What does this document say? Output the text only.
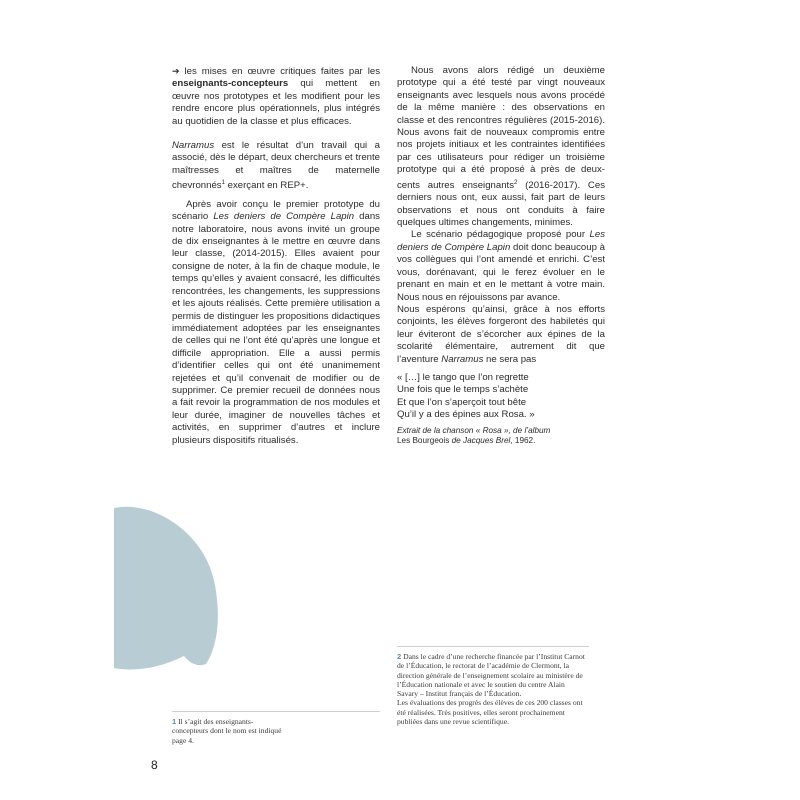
➔ les mises en œuvre critiques faites par les enseignants-concepteurs qui mettent en œuvre nos prototypes et les modifient pour les rendre encore plus opérationnels, plus intégrés au quotidien de la classe et plus efficaces.

Narramus est le résultat d’un travail qui a associé, dès le départ, deux chercheurs et trente maîtresses et maîtres de maternelle chevronnés$^1$ exerçant en REP+.

Après avoir conçu le premier prototype du scénario Les deniers de Compère Lapin dans notre laboratoire, nous avons invité un groupe de dix enseignantes à le mettre en œuvre dans leur classe, (2014-2015). Elles avaient pour consigne de noter, à la fin de chaque module, le temps qu’elles y avaient consacré, les difficultés rencontrées, les changements, les suppressions et les ajouts réalisés. Cette première utilisation a permis de distinguer les propositions didactiques immédiatement adoptées par les enseignantes de celles qui ne l’ont été qu’après une longue et difficile appropriation. Elle a aussi permis d’identifier celles qui ont été unanimement rejetées et qu’il convenait de modifier ou de supprimer. Ce premier recueil de données nous a fait revoir la programmation de nos modules et leur durée, imaginer de nouvelles tâches et activités, en supprimer d’autres et inclure plusieurs dispositifs ritualisés.

Nous avons alors rédigé un deuxième prototype qui a été testé par vingt nouveaux enseignants avec lesquels nous avons procédé de la même manière : des observations en classe et des rencontres régulières (2015-2016). Nous avons fait de nouveaux compromis entre nos projets initiaux et les contraintes identifiées par ces utilisateurs pour rédiger un troisième prototype qui a été proposé à près de deux-cents autres enseignants$^2$ (2016-2017). Ces derniers nous ont, eux aussi, fait part de leurs observations et nous ont conduits à faire quelques ultimes changements, minimes.

Le scénario pédagogique proposé pour Les deniers de Compère Lapin doit donc beaucoup à vos collègues qui l’ont amendé et enrichi. C’est vous, dorénavant, qui le ferez évoluer en le prenant en main et en le mettant à votre main. Nous nous en réjouissons par avance.

Nous espérons qu’ainsi, grâce à nos efforts conjoints, les élèves forgeront des habiletés qui leur éviteront de s’écorcher aux épines de la scolarité élémentaire, autrement dit que l’aventure Narramus ne sera pas

« […] le tango que l’on regrette

Une fois que le temps s’achète

Et que l’on s’aperçoit tout bête

Qu’il y a des épines aux Rosa. »

Extrait de la chanson « Rosa », de l’album
Les Bourgeois de Jacques Brel, 1962.
2 Dans le cadre d’une recherche financée par l’Institut Carnot de l’Éducation, le rectorat de l’académie de Clermont, la direction générale de l’enseignement scolaire au ministère de l’Éducation nationale et avec le soutien du centre Alain Savary – Institut français de l’Éducation.
Les évaluations des progrès des élèves de ces 200 classes ont été réalisées. Très positives, elles seront prochainement publiées dans une revue scientifique.
1 Il s’agit des enseignants-concepteurs dont le nom est indiqué page 4.
8
